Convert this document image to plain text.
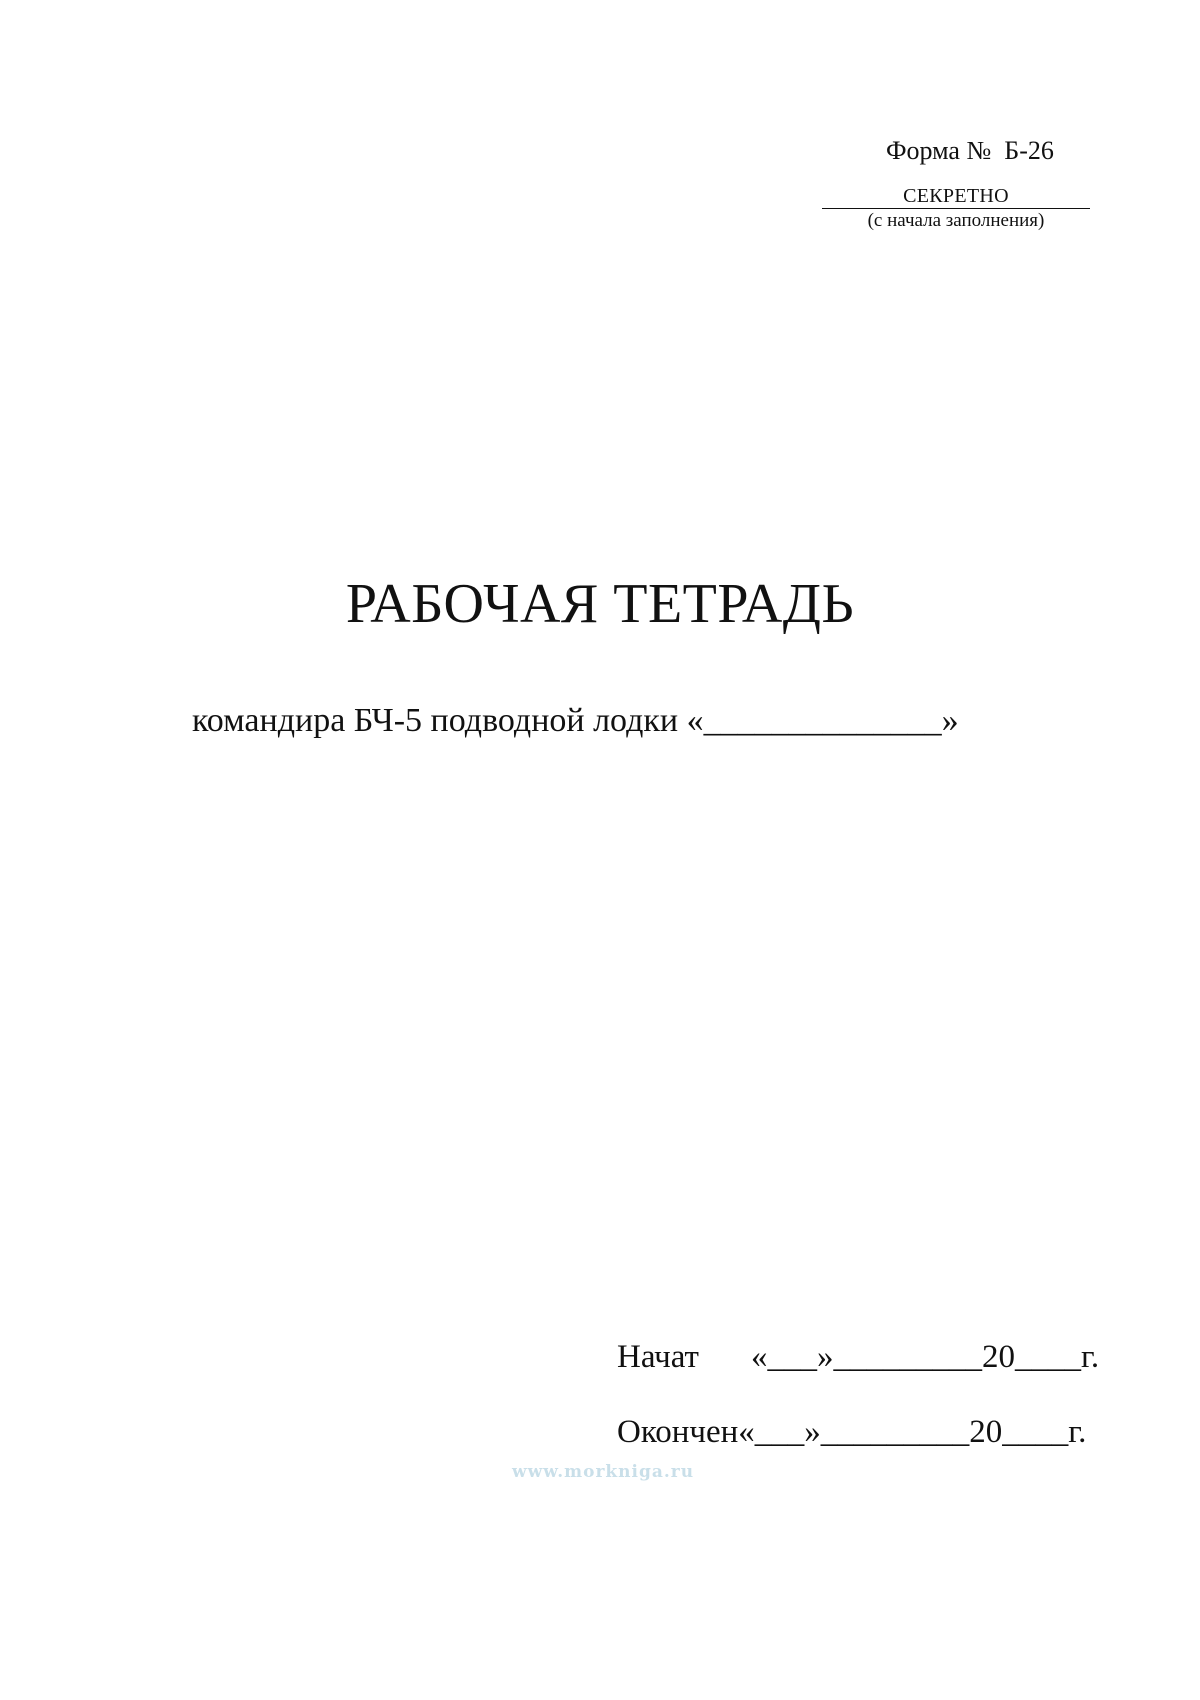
Форма №  Б-26
СЕКРЕТНО
(с начала заполнения)
РАБОЧАЯ ТЕТРАДЬ
командира БЧ-5 подводной лодки «______________»

Начат «___»_________20____г.

Окончен«___»_________20____г.

www.morkniga.ru
